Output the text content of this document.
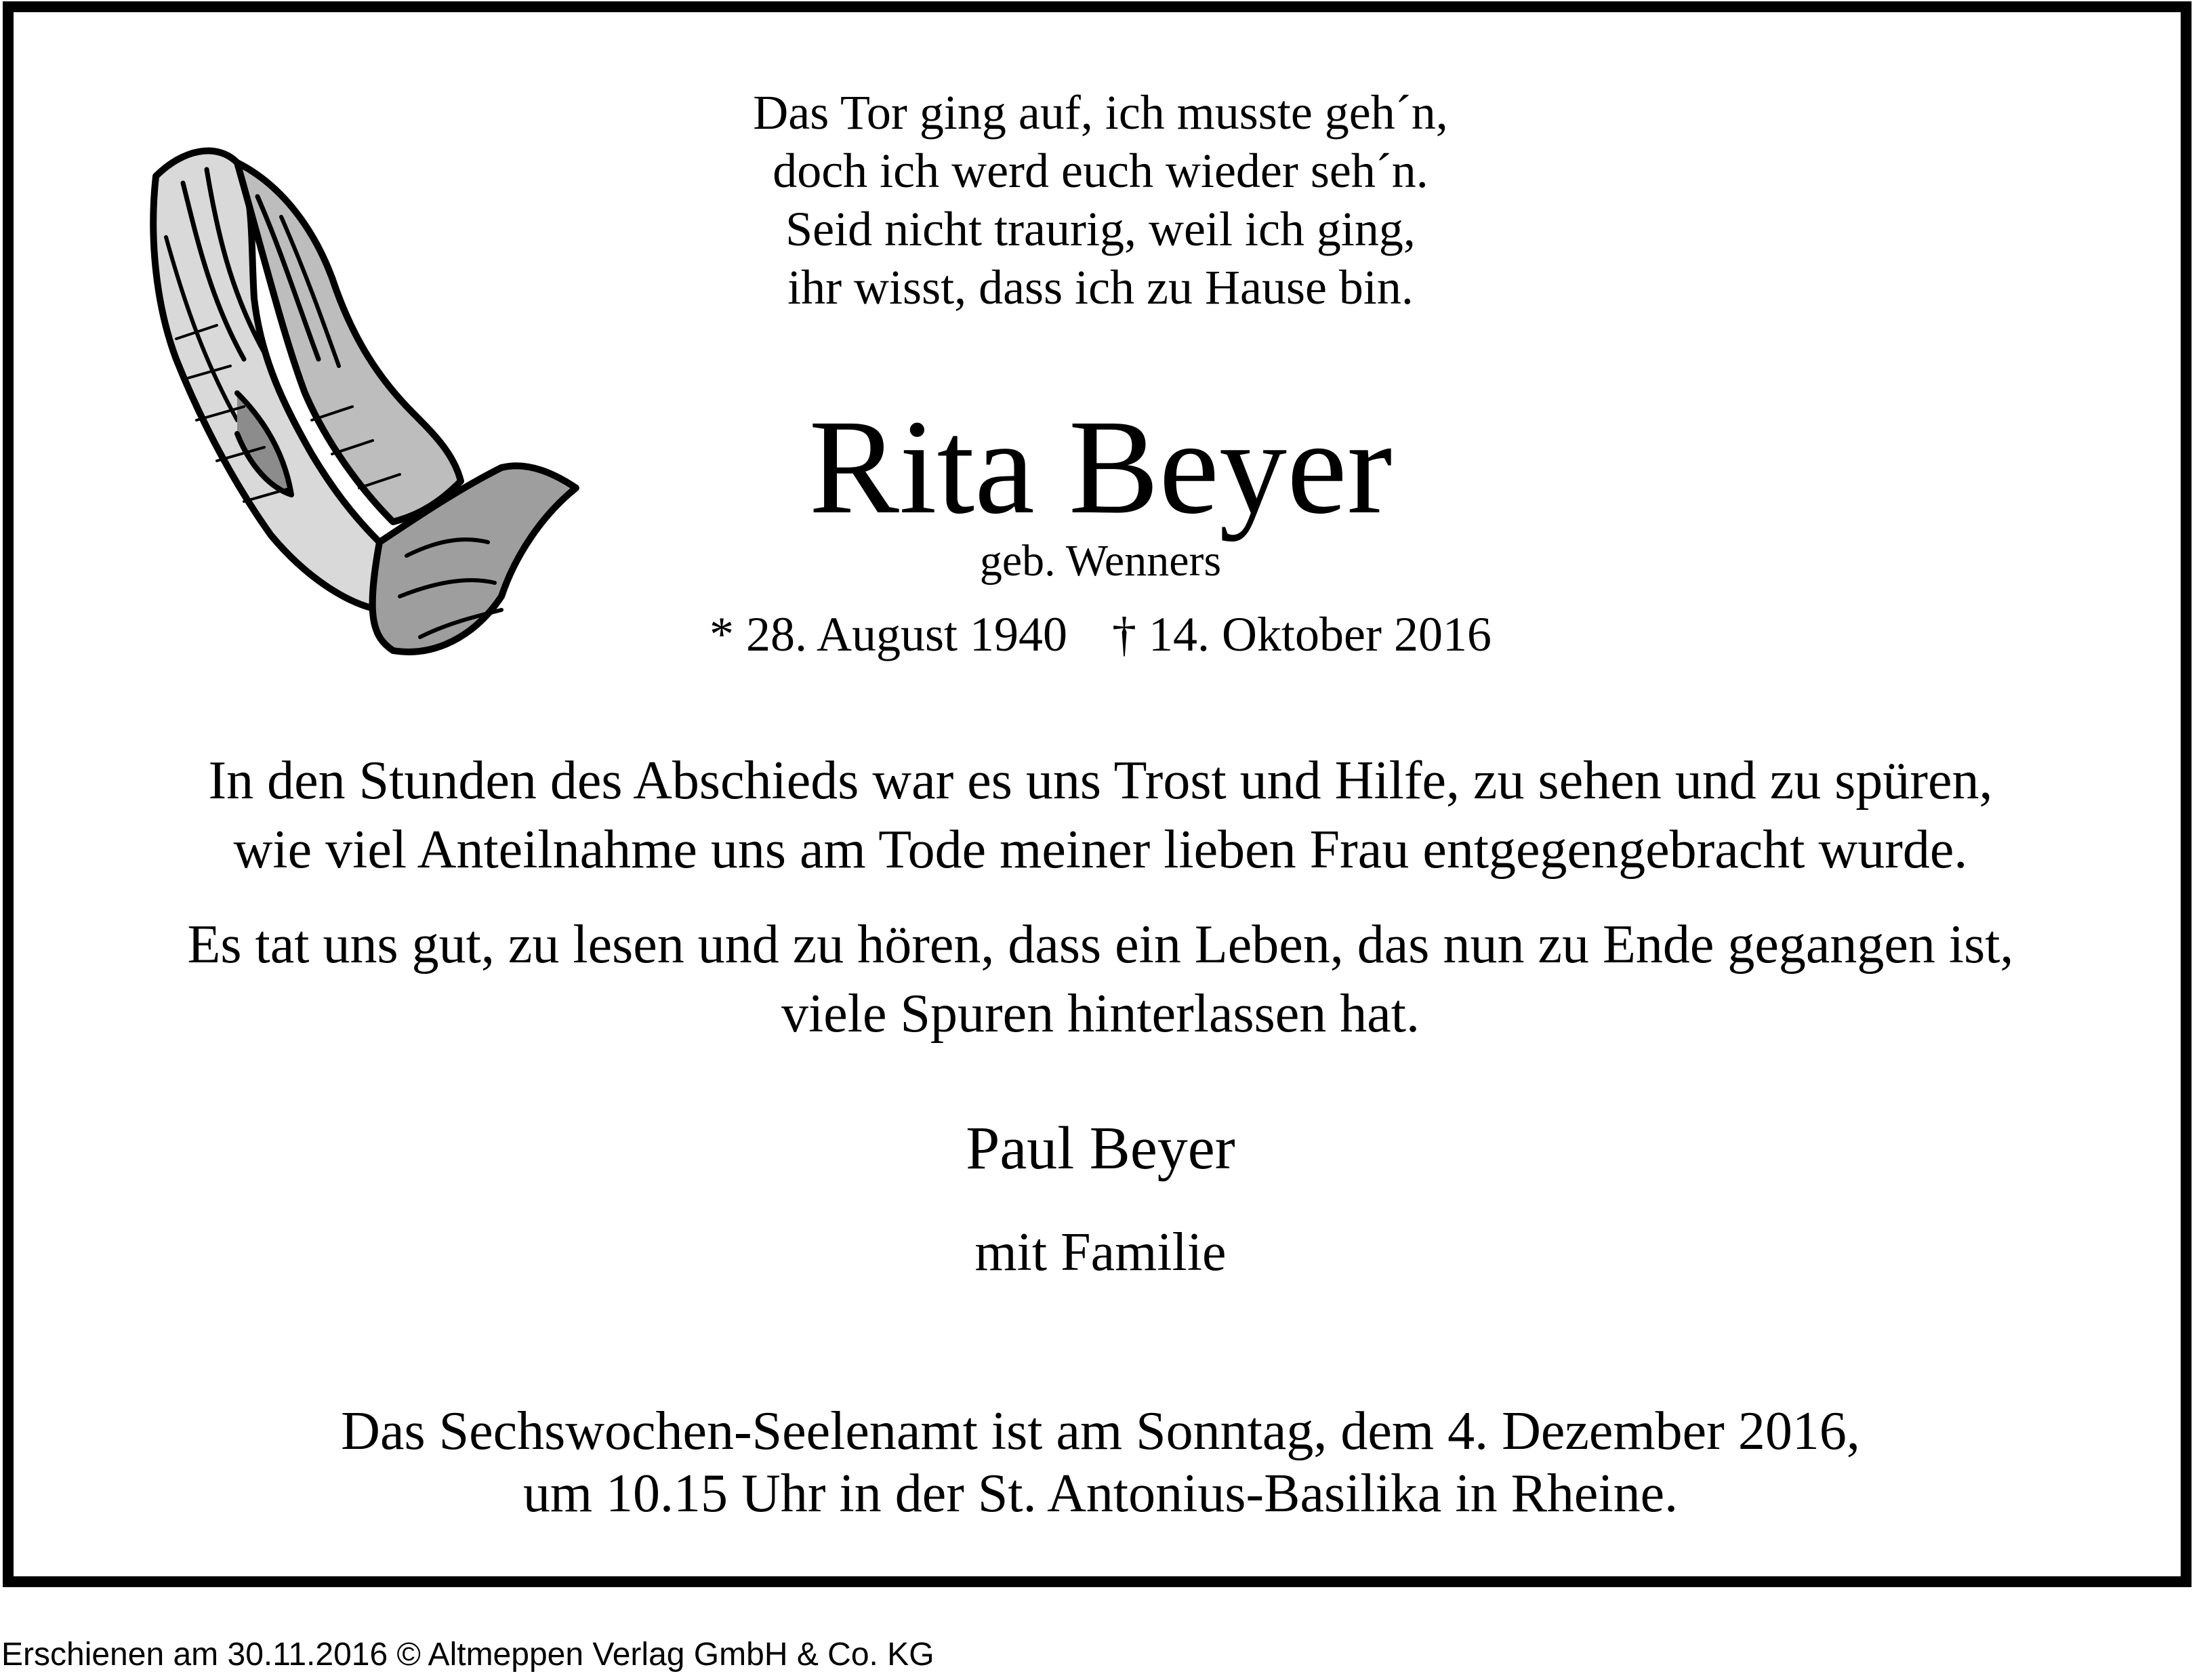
Das Tor ging auf, ich musste geh´n,
doch ich werd euch wieder seh´n.
Seid nicht traurig, weil ich ging,
ihr wisst, dass ich zu Hause bin.
Rita Beyer
geb. Wenners
* 28. August 1940 † 14. Oktober 2016
In den Stunden des Abschieds war es uns Trost und Hilfe, zu sehen und zu spüren,
wie viel Anteilnahme uns am Tode meiner lieben Frau entgegengebracht wurde.
Es tat uns gut, zu lesen und zu hören, dass ein Leben, das nun zu Ende gegangen ist,
viele Spuren hinterlassen hat.
Paul Beyer
mit Familie
Das Sechswochen-Seelenamt ist am Sonntag, dem 4. Dezember 2016,
um 10.15 Uhr in der St. Antonius-Basilika in Rheine.
Erschienen am 30.11.2016 © Altmeppen Verlag GmbH & Co. KG
